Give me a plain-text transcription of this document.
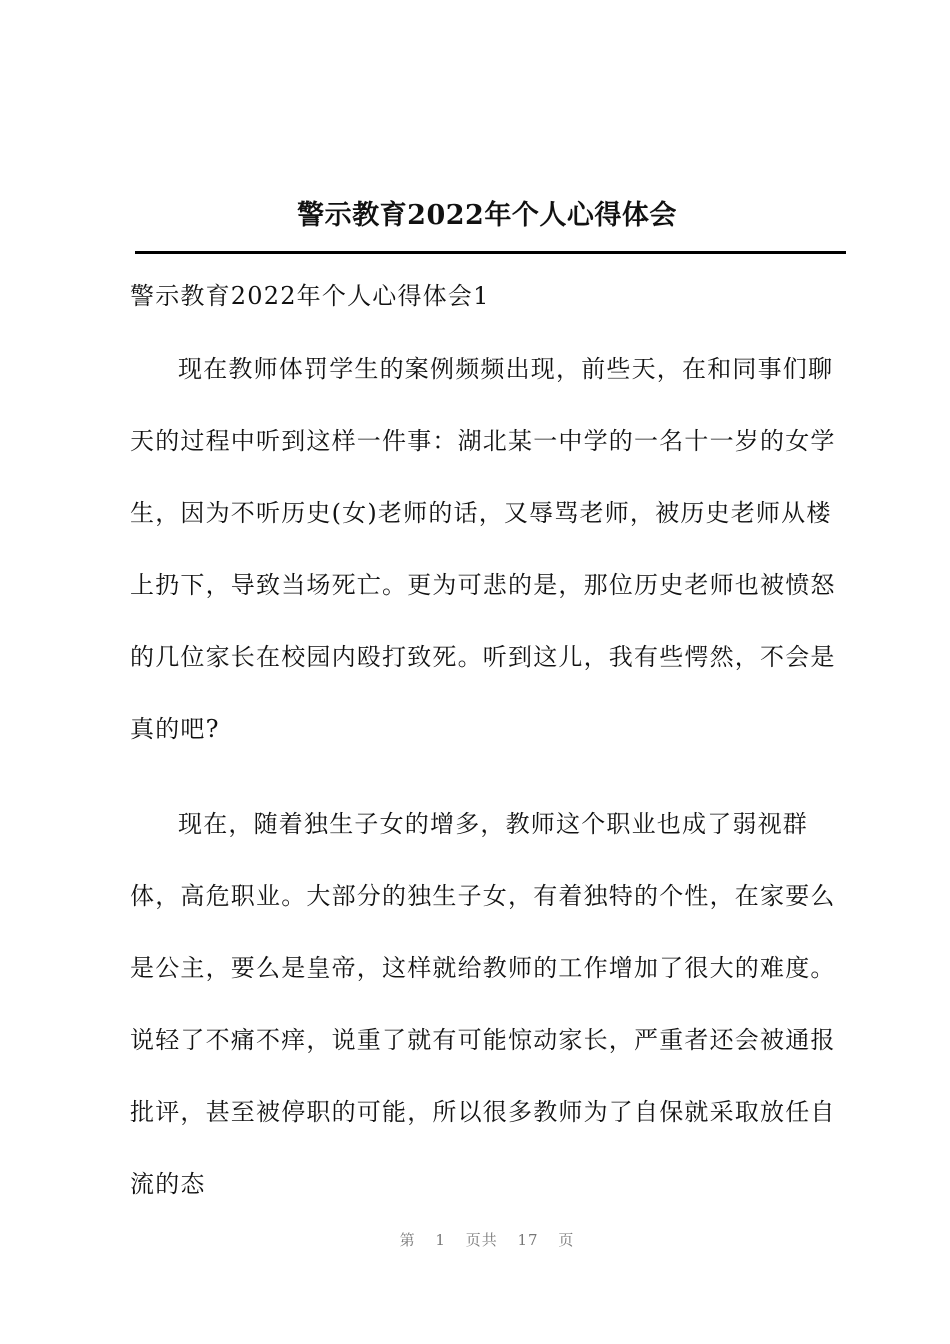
警示教育2022年个人心得体会
警示教育2022年个人心得体会1
现在教师体罚学生的案例频频出现，前些天，在和同事们聊天的过程中听到这样一件事：湖北某一中学的一名十一岁的女学生，因为不听历史(女)老师的话，又辱骂老师，被历史老师从楼上扔下，导致当场死亡。更为可悲的是，那位历史老师也被愤怒的几位家长在校园内殴打致死。听到这儿，我有些愕然，不会是真的吧?
现在，随着独生子女的增多，教师这个职业也成了弱视群体，高危职业。大部分的独生子女，有着独特的个性，在家要么是公主，要么是皇帝，这样就给教师的工作增加了很大的难度。说轻了不痛不痒，说重了就有可能惊动家长，严重者还会被通报批评，甚至被停职的可能，所以很多教师为了自保就采取放任自流的态
第 1 页共 17 页
